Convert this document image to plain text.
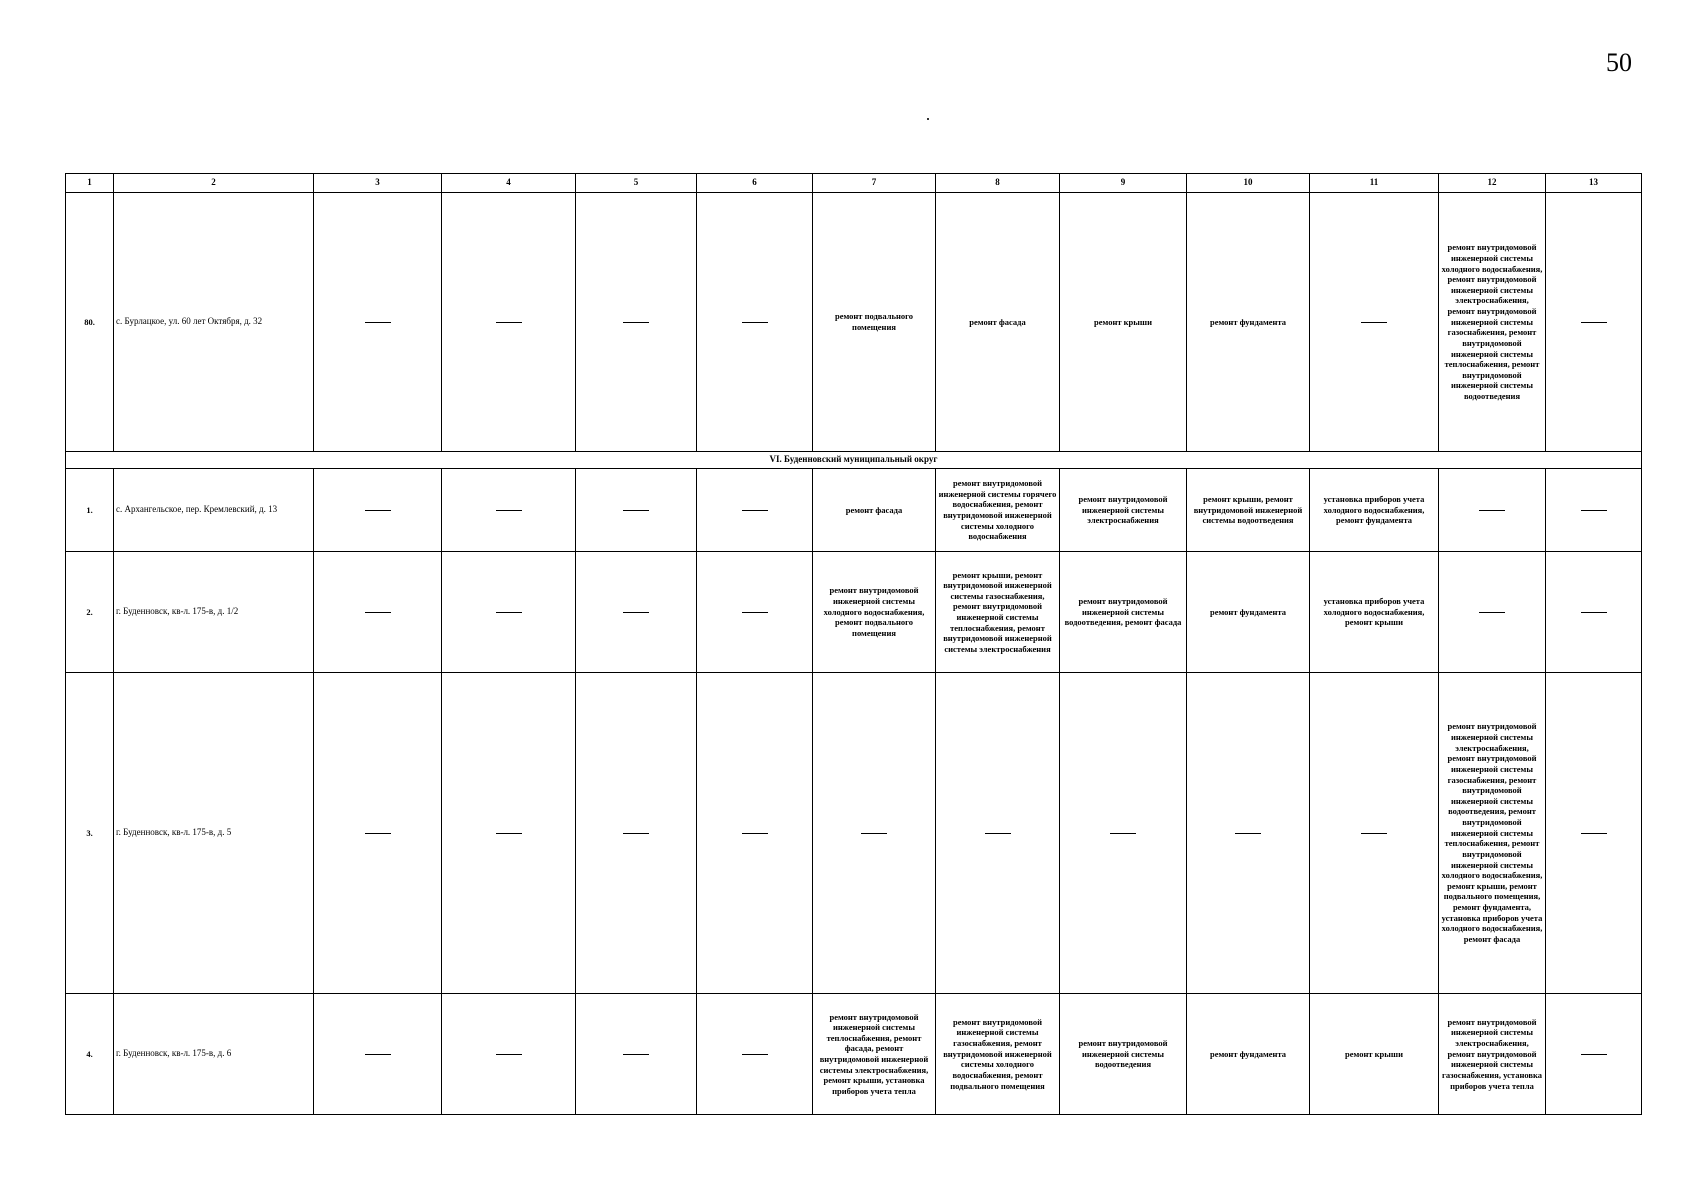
50
1	2	3	4	5	6	7	8	9	10	11	12	13
80.	с. Бурлацкое, ул. 60 лет Октября, д. 32					ремонт подвального помещения	ремонт фасада	ремонт крыши	ремонт фундамента		ремонт внутридомовой инженерной системы холодного водоснабжения, ремонт внутридомовой инженерной системы электроснабжения, ремонт внутридомовой инженерной системы газоснабжения, ремонт внутридомовой инженерной системы теплоснабжения, ремонт внутридомовой инженерной системы водоотведения	
VI. Буденновский муниципальный округ												
1.	с. Архангельское, пер. Кремлевский, д. 13					ремонт фасада	ремонт внутридомовой инженерной системы горячего водоснабжения, ремонт внутридомовой инженерной системы холодного водоснабжения	ремонт внутридомовой инженерной системы электроснабжения	ремонт крыши, ремонт внутридомовой инженерной системы водоотведения	установка приборов учета холодного водоснабжения, ремонт фундамента		
2.	г. Буденновск, кв-л. 175-в, д. 1/2					ремонт внутридомовой инженерной системы холодного водоснабжения, ремонт подвального помещения	ремонт крыши, ремонт внутридомовой инженерной системы газоснабжения, ремонт внутридомовой инженерной системы теплоснабжения, ремонт внутридомовой инженерной системы электроснабжения	ремонт внутридомовой инженерной системы водоотведения, ремонт фасада	ремонт фундамента	установка приборов учета холодного водоснабжения, ремонт крыши		
3.	г. Буденновск, кв-л. 175-в, д. 5										ремонт внутридомовой инженерной системы электроснабжения, ремонт внутридомовой инженерной системы газоснабжения, ремонт внутридомовой инженерной системы водоотведения, ремонт внутридомовой инженерной системы теплоснабжения, ремонт внутридомовой инженерной системы холодного водоснабжения, ремонт крыши, ремонт подвального помещения, ремонт фундамента, установка приборов учета холодного водоснабжения, ремонт фасада	
4.	г. Буденновск, кв-л. 175-в, д. 6					ремонт внутридомовой инженерной системы теплоснабжения, ремонт фасада, ремонт внутридомовой инженерной системы электроснабжения, ремонт крыши, установка приборов учета тепла	ремонт внутридомовой инженерной системы газоснабжения, ремонт внутридомовой инженерной системы холодного водоснабжения, ремонт подвального помещения	ремонт внутридомовой инженерной системы водоотведения	ремонт фундамента	ремонт крыши	ремонт внутридомовой инженерной системы электроснабжения, ремонт внутридомовой инженерной системы газоснабжения, установка приборов учета тепла	
